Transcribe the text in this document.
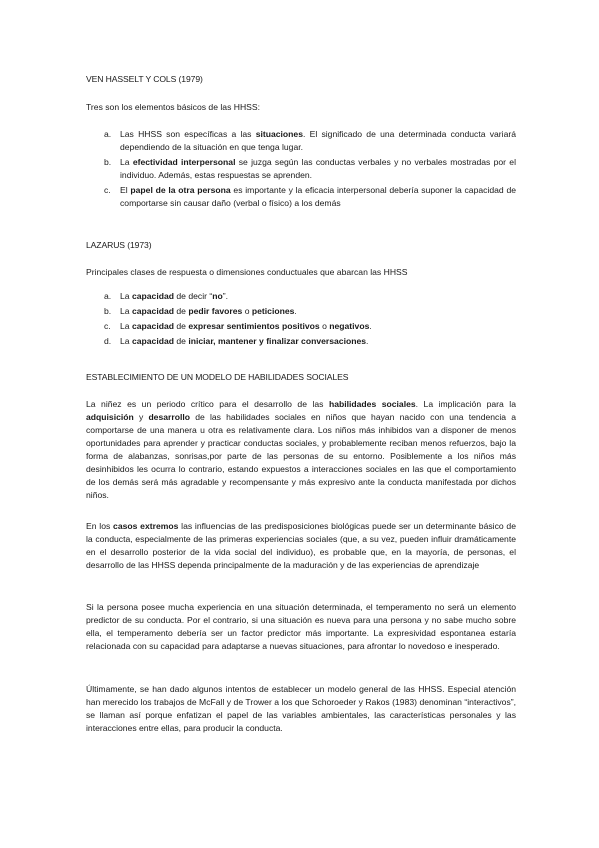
VEN HASSELT Y COLS (1979)

Tres son los elementos básicos de las HHSS:

a. Las HHSS son específicas a las situaciones. El significado de una determinada conducta variará dependiendo de la situación en que tenga lugar.
b. La efectividad interpersonal se juzga según las conductas verbales y no verbales mostradas por el individuo. Además, estas respuestas se aprenden.
c. El papel de la otra persona es importante y la eficacia interpersonal debería suponer la capacidad de comportarse sin causar daño (verbal o físico) a los demás
LAZARUS (1973)

Principales clases de respuesta o dimensiones conductuales que abarcan las HHSS

a. La capacidad de decir “no”.
b. La capacidad de pedir favores o peticiones.
c. La capacidad de expresar sentimientos positivos o negativos.
d. La capacidad de iniciar, mantener y finalizar conversaciones.
ESTABLECIMIENTO DE UN MODELO DE HABILIDADES SOCIALES

La niñez es un periodo crítico para el desarrollo de las habilidades sociales. La implicación para la adquisición y desarrollo de las habilidades sociales en niños que hayan nacido con una tendencia a comportarse de una manera u otra es relativamente clara. Los niños más inhibidos van a disponer de menos oportunidades para aprender y practicar conductas sociales, y probablemente reciban menos refuerzos, bajo la forma de alabanzas, sonrisas,por parte de las personas de su entorno. Posiblemente a los niños más desinhibidos les ocurra lo contrario, estando expuestos a interacciones sociales en las que el comportamiento de los demás será más agradable y recompensante y más expresivo ante la conducta manifestada por dichos niños.

En los casos extremos las influencias de las predisposiciones biológicas puede ser un determinante básico de la conducta, especialmente de las primeras experiencias sociales (que, a su vez, pueden influir dramáticamente en el desarrollo posterior de la vida social del individuo), es probable que, en la mayoría, de personas, el desarrollo de las HHSS dependa principalmente de la maduración y de las experiencias de aprendizaje

Si la persona posee mucha experiencia en una situación determinada, el temperamento no será un elemento predictor de su conducta. Por el contrario, si una situación es nueva para una persona y no sabe mucho sobre ella, el temperamento debería ser un factor predictor más importante. La expresividad espontanea estaría relacionada con su capacidad para adaptarse a nuevas situaciones, para afrontar lo novedoso e inesperado.

Últimamente, se han dado algunos intentos de establecer un modelo general de las HHSS. Especial atención han merecido los trabajos de McFall y de Trower a los que Schoroeder y Rakos (1983) denominan “interactivos”, se llaman así porque enfatizan el papel de las variables ambientales, las características personales y las interacciones entre ellas, para producir la conducta.
